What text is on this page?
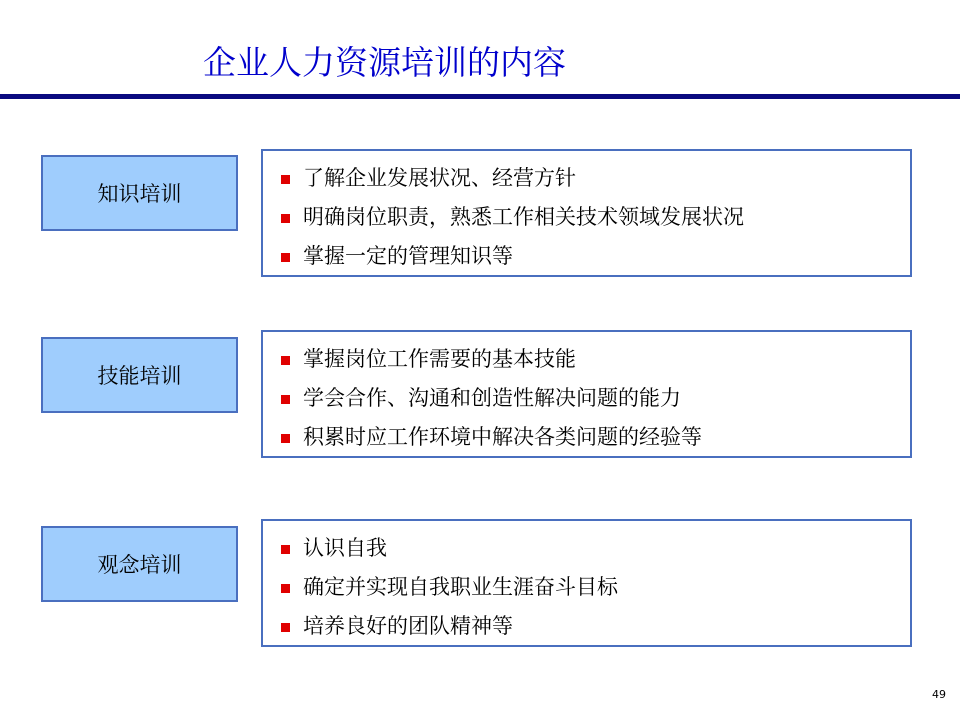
企业人力资源培训的内容
知识培训
了解企业发展状况、经营方针
明确岗位职责，熟悉工作相关技术领域发展状况
掌握一定的管理知识等
技能培训
掌握岗位工作需要的基本技能
学会合作、沟通和创造性解决问题的能力
积累时应工作环境中解决各类问题的经验等
观念培训
认识自我
确定并实现自我职业生涯奋斗目标
培养良好的团队精神等
49
